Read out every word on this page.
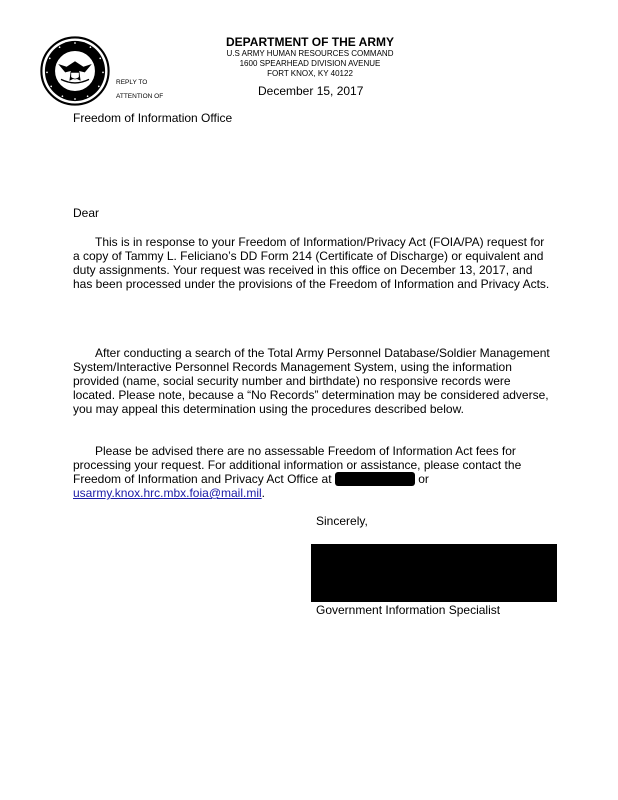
DEPARTMENT OF THE ARMY
U.S ARMY HUMAN RESOURCES COMMAND
1600 SPEARHEAD DIVISION AVENUE
FORT KNOX, KY 40122
REPLY TO
ATTENTION OF	December 15, 2017
Freedom of Information Office
Dear

This is in response to your Freedom of Information/Privacy Act (FOIA/PA) request for a copy of Tammy L. Feliciano’s DD Form 214 (Certificate of Discharge) or equivalent and duty assignments. Your request was received in this office on December 13, 2017, and has been processed under the provisions of the Freedom of Information and Privacy Acts.

After conducting a search of the Total Army Personnel Database/Soldier Management System/Interactive Personnel Records Management System, using the information provided (name, social security number and birthdate) no responsive records were located. Please note, because a “No Records” determination may be considered adverse, you may appeal this determination using the procedures described below.

Please be advised there are no assessable Freedom of Information Act fees for processing your request. For additional information or assistance, please contact the Freedom of Information and Privacy Act Office at	or usarmy.knox.hrc.mbx.foia@mail.mil.

Sincerely,
Government Information Specialist
